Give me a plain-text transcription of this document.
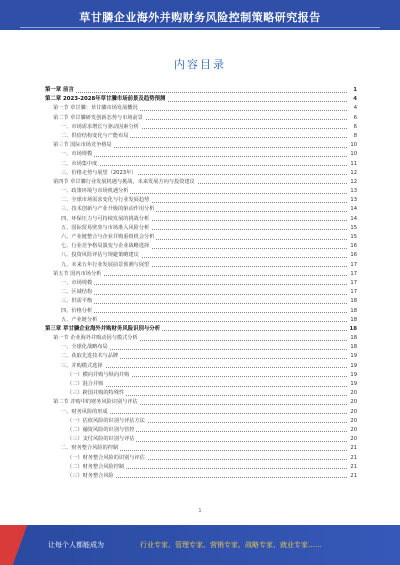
草甘膦企业海外并购财务风险控制策略研究报告
内容目录
第一章 前言	1
第二章 2023-2028年草甘膦市场前景及趋势预测	4
第一节 草甘膦：草甘膦市场发展概况	4
第二节 草甘膦研发创新态势与市场前景	6
一、市场需求增长与驱动因素分析	6
二、供给结构变化与产能布局	8
第三节 国际市场竞争格局	10
一、市场规模	10
二、市场集中度	11
三、价格走势与展望（2023年）	12
第四节 草甘膦行业发展机遇与挑战，未来发展方向与投资建议	12
一、政策环境与市场机遇分析	13
二、全球市场需求变化与行业发展趋势	13
三、技术创新与产业升级的驱动作用分析	14
四、环保压力与可持续发展的挑战分析	14
五、国际贸易壁垒与市场准入风险分析	15
六、产业链整合与企业并购重组机会分析	15
七、行业竞争格局演变与企业战略选择	16
八、投资风险评估与规避策略建议	16
九、未来五年行业发展前景预测与展望	17
第五节 国内市场分析	17
一、市场规模	17
二、区域结构	17
三、供需平衡	18
四、价格分析	18
五、产业链分析	18
第三章 草甘膦企业海外并购财务风险识别与分析	18
第一节 企业海外并购动因与模式分析	18
一、全球化战略布局	18
二、获取先进技术与品牌	19
三、并购模式选择	19
（一）横向并购与纵向并购	19
（二）混合并购	19
（三）跨国并购的特殊性	20
第二节 并购中的财务风险识别与评估	20
一、财务风险的形成	20
（一）估值风险的识别与评估方法	20
（二）融资风险的识别与管控	20
（三）支付风险的识别与评估	20
二、财务整合风险的控制	21
（一）财务整合风险的识别与评估	21
（二）财务整合风险控制	21
（三）财务整合风险	21
1
让每个人都能成为	行业专家、管理专家、营销专家、战略专家、就业专家……
